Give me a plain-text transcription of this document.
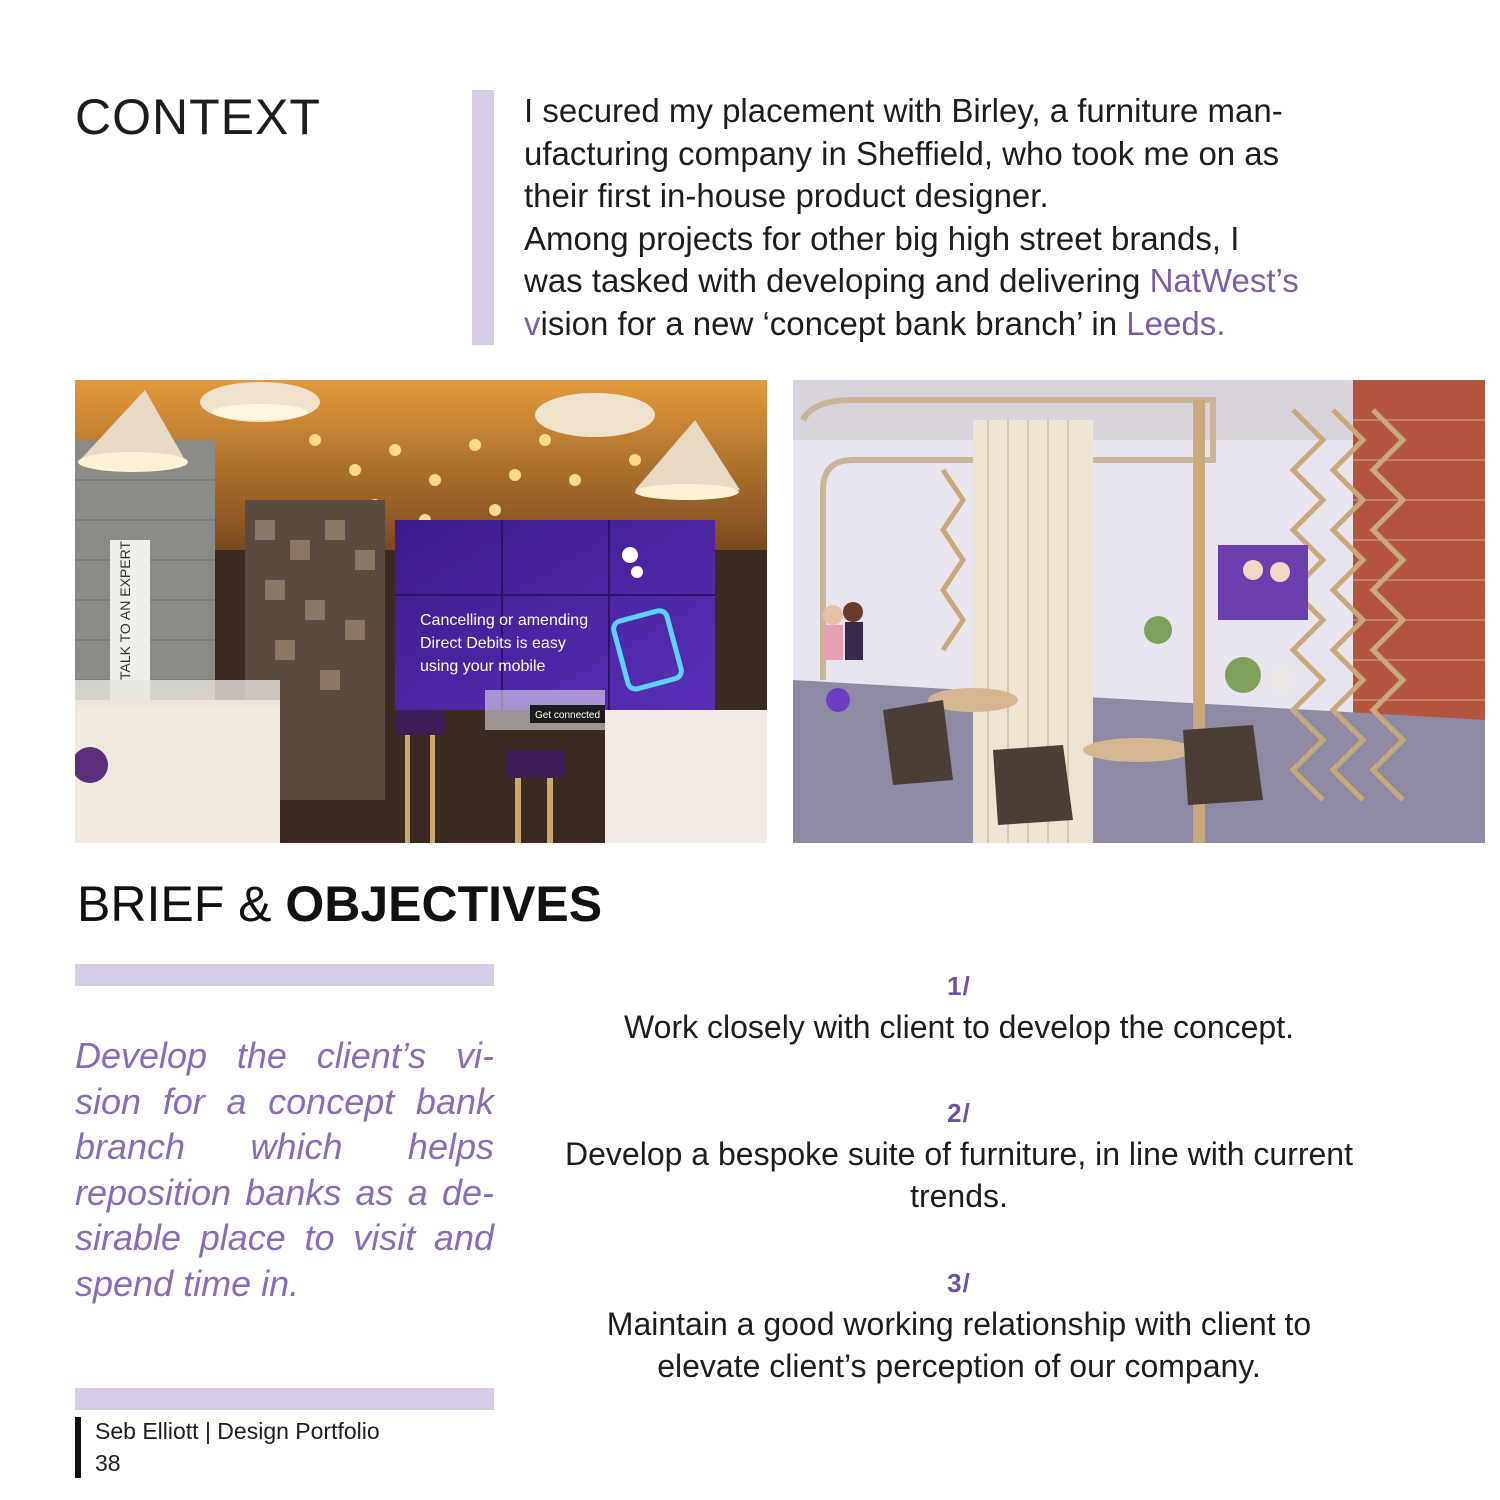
CONTEXT	I secured my placement with Birley, a furniture man-
ufacturing company in Sheffield, who took me on as
their first in-house product designer.
Among projects for other big high street brands, I
was tasked with developing and delivering NatWest’s
vision for a new ‘concept bank branch’ in Leeds.
TALK TO AN EXPERT	Cancelling or amending
Direct Debits is easy
using your mobile
Get connected
BRIEF & OBJECTIVES
Develop the client’s vi-sion for a concept bank branch which helps reposition banks as a de-sirable place to visit and spend time in.
1/
Work closely with client to develop the concept.
2/
Develop a bespoke suite of furniture, in line with current trends.
3/
Maintain a good working relationship with client to elevate client’s perception of our company.
Seb Elliott | Design Portfolio
38
